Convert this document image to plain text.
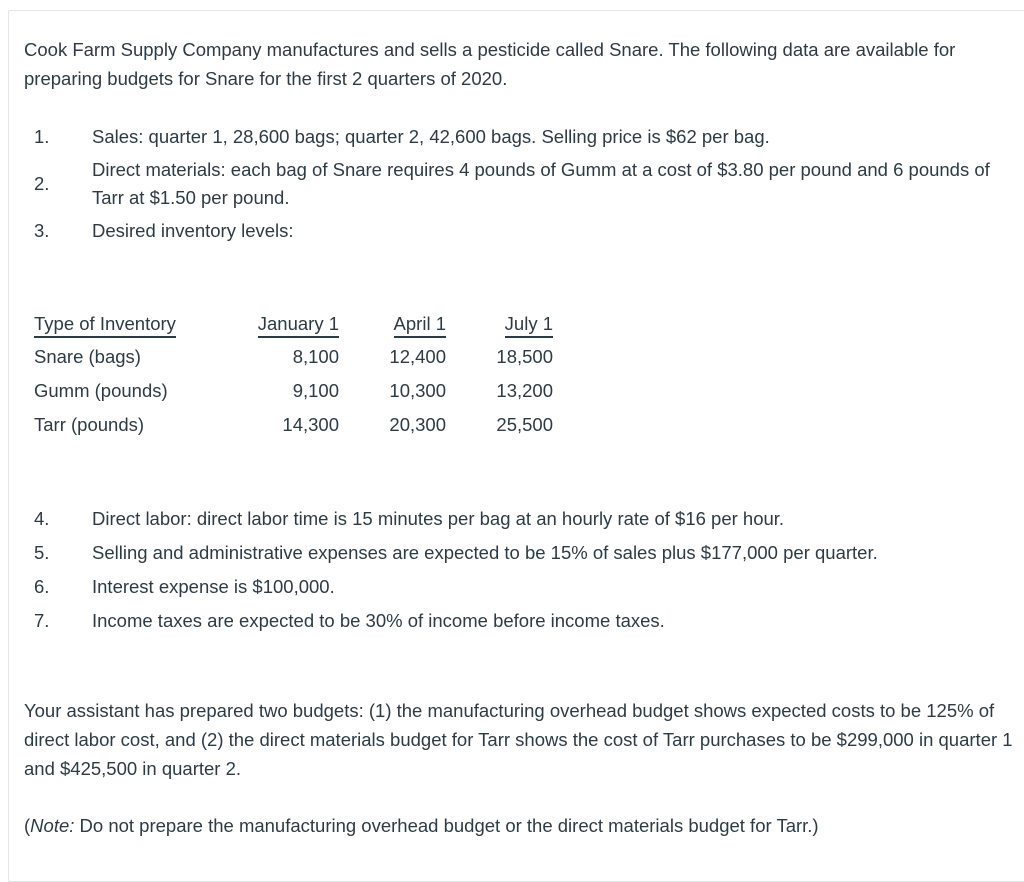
Cook Farm Supply Company manufactures and sells a pesticide called Snare. The following data are available for preparing budgets for Snare for the first 2 quarters of 2020.

1. Sales: quarter 1, 28,600 bags; quarter 2, 42,600 bags. Selling price is $62 per bag.
2.
Direct materials: each bag of Snare requires 4 pounds of Gumm at a cost of $3.80 per pound and 6 pounds of Tarr at $1.50 per pound.
3. Desired inventory levels:
Type of Inventory	January 1	April 1	July 1
Snare (bags)	8,100	12,400	18,500
Gumm (pounds)	9,100	10,300	13,200
Tarr (pounds)	14,300	20,300	25,500
4. Direct labor: direct labor time is 15 minutes per bag at an hourly rate of $16 per hour.
5. Selling and administrative expenses are expected to be 15% of sales plus $177,000 per quarter.
6. Interest expense is $100,000.
7. Income taxes are expected to be 30% of income before income taxes.

Your assistant has prepared two budgets: (1) the manufacturing overhead budget shows expected costs to be 125% of direct labor cost, and (2) the direct materials budget for Tarr shows the cost of Tarr purchases to be $299,000 in quarter 1 and $425,500 in quarter 2.

(Note: Do not prepare the manufacturing overhead budget or the direct materials budget for Tarr.)
